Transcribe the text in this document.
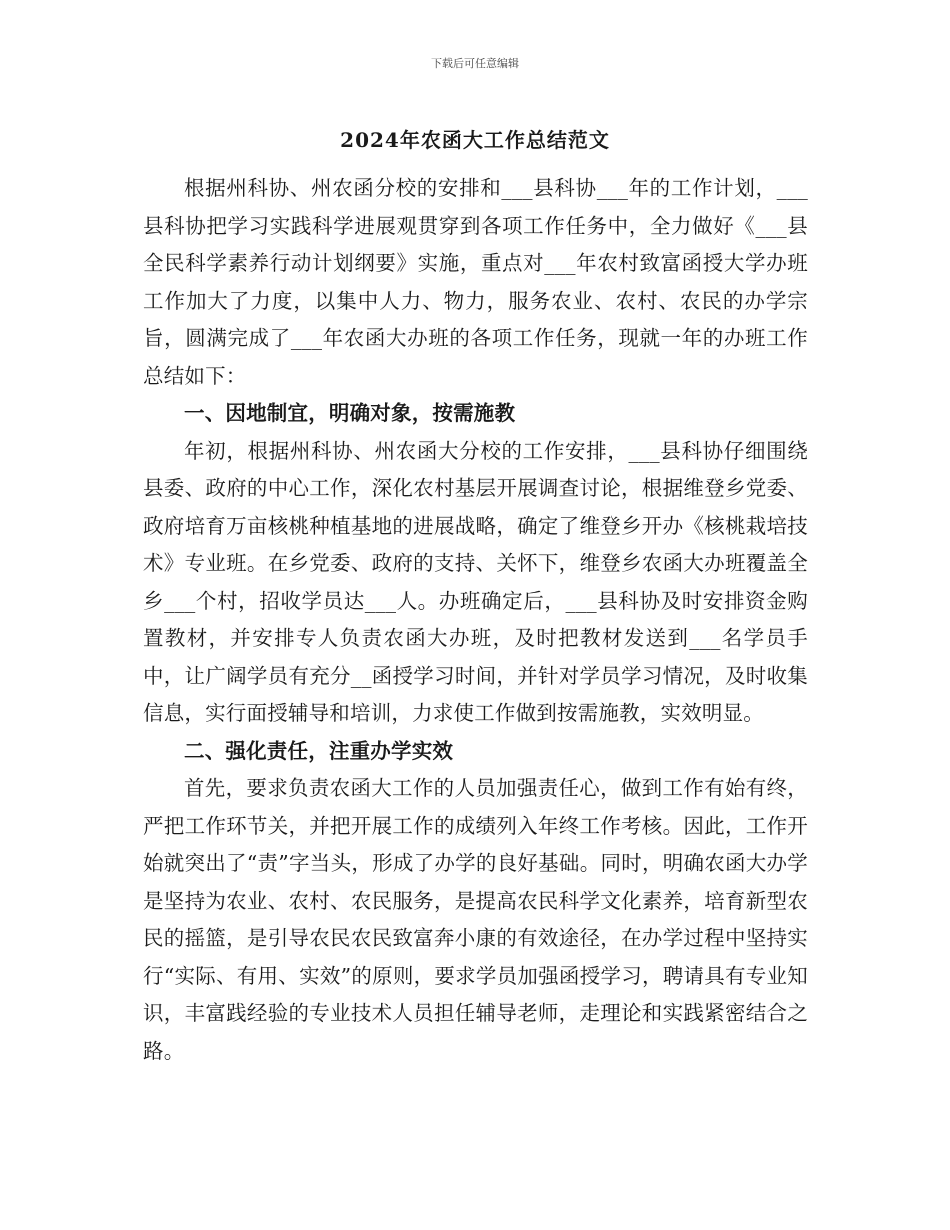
下载后可任意编辑
2024年农函大工作总结范文

根据州科协、州农函分校的安排和___县科协___年的工作计划，___县科协把学习实践科学进展观贯穿到各项工作任务中，全力做好《___县全民科学素养行动计划纲要》实施，重点对___年农村致富函授大学办班工作加大了力度，以集中人力、物力，服务农业、农村、农民的办学宗旨，圆满完成了___年农函大办班的各项工作任务，现就一年的办班工作总结如下：

一、因地制宜，明确对象，按需施教

年初，根据州科协、州农函大分校的工作安排，___县科协仔细围绕县委、政府的中心工作，深化农村基层开展调查讨论，根据维登乡党委、政府培育万亩核桃种植基地的进展战略，确定了维登乡开办《核桃栽培技术》专业班。在乡党委、政府的支持、关怀下，维登乡农函大办班覆盖全乡___个村，招收学员达___人。办班确定后，___县科协及时安排资金购置教材，并安排专人负责农函大办班，及时把教材发送到___名学员手中，让广阔学员有充分__函授学习时间，并针对学员学习情况，及时收集信息，实行面授辅导和培训，力求使工作做到按需施教，实效明显。

二、强化责任，注重办学实效

首先，要求负责农函大工作的人员加强责任心，做到工作有始有终，严把工作环节关，并把开展工作的成绩列入年终工作考核。因此，工作开始就突出了“责”字当头，形成了办学的良好基础。同时，明确农函大办学是坚持为农业、农村、农民服务，是提高农民科学文化素养，培育新型农民的摇篮，是引导农民农民致富奔小康的有效途径，在办学过程中坚持实行“实际、有用、实效”的原则，要求学员加强函授学习，聘请具有专业知识，丰富践经验的专业技术人员担任辅导老师，走理论和实践紧密结合之路。
